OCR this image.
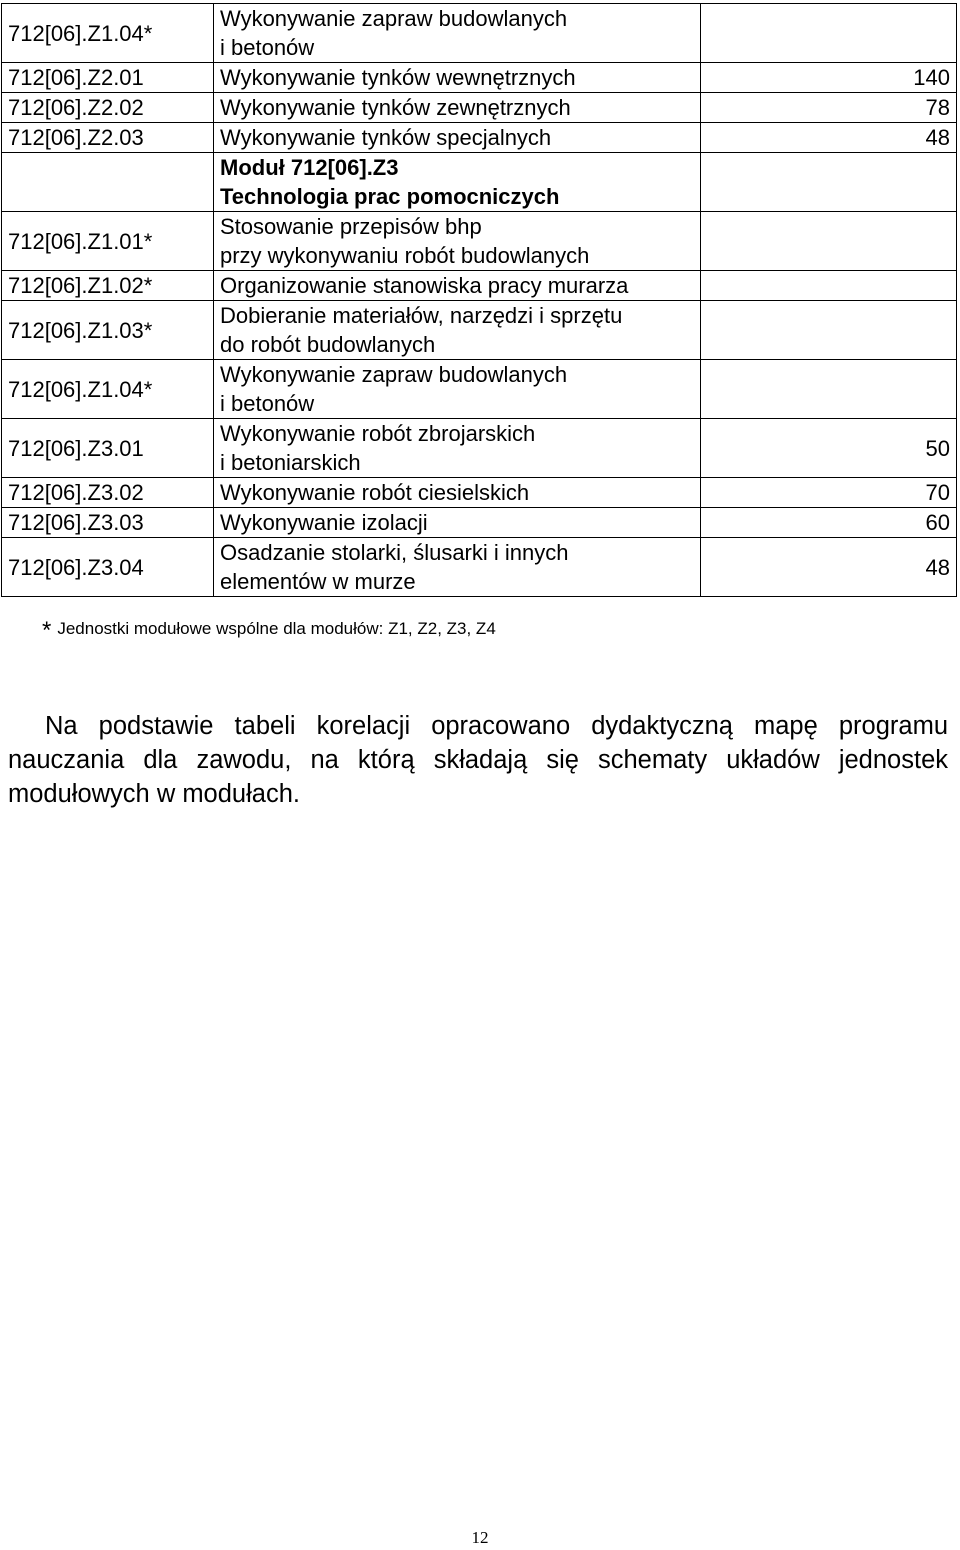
712[06].Z1.04*	Wykonywanie zapraw budowlanych
i betonów	

712[06].Z2.01	Wykonywanie tynków wewnętrznych	140
712[06].Z2.02	Wykonywanie tynków zewnętrznych	78
712[06].Z2.03	Wykonywanie tynków specjalnych	48

	Moduł 712[06].Z3
Technologia prac pomocniczych	

712[06].Z1.01*	Stosowanie przepisów bhp
przy wykonywaniu robót budowlanych	

712[06].Z1.02*	Organizowanie stanowiska pracy murarza	

712[06].Z1.03*	Dobieranie materiałów, narzędzi i sprzętu
do robót budowlanych	

712[06].Z1.04*	Wykonywanie zapraw budowlanych
i betonów	

712[06].Z3.01	Wykonywanie robót zbrojarskich
i betoniarskich	50
712[06].Z3.02	Wykonywanie robót ciesielskich	70
712[06].Z3.03	Wykonywanie izolacji	60
712[06].Z3.04	Osadzanie stolarki, ślusarki i innych
elementów w murze	48
* Jednostki modułowe wspólne dla modułów: Z1, Z2, Z3, Z4

Na podstawie tabeli korelacji opracowano dydaktyczną mapę programu nauczania dla zawodu, na którą składają się schematy układów jednostek modułowych w modułach.

12
